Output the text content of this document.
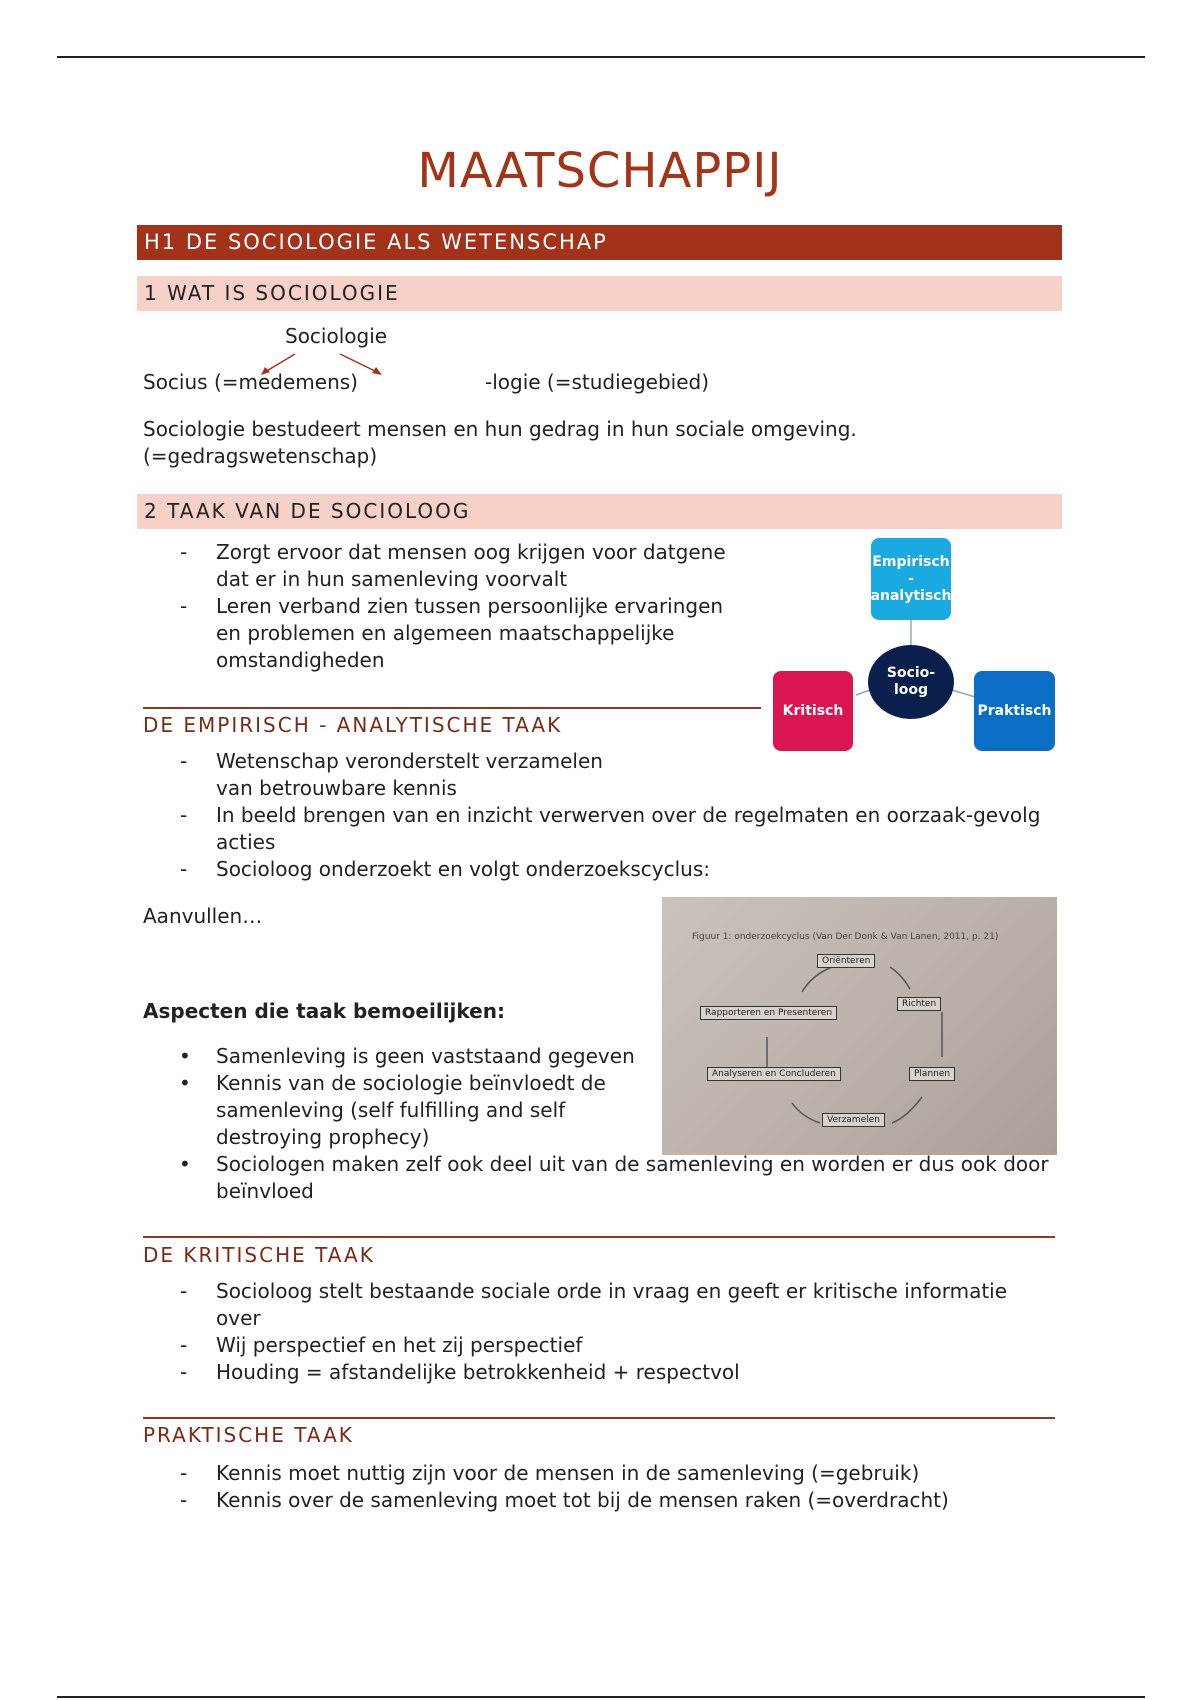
MAATSCHAPPIJ
H1 DE SOCIOLOGIE ALS WETENSCHAP
1 WAT IS SOCIOLOGIE
Sociologie
Socius (=medemens)	-logie (=studiegebied)
Sociologie bestudeert mensen en hun gedrag in hun sociale omgeving.
(=gedragswetenschap)
2 TAAK VAN DE SOCIOLOOG
- Zorgt ervoor dat mensen oog krijgen voor datgene dat er in hun samenleving voorvalt
- Leren verband zien tussen persoonlijke ervaringen en problemen en algemeen maatschappelijke omstandigheden
Empirisch - analytisch
Kritisch	Praktisch
Socio-loog
DE EMPIRISCH - ANALYTISCHE TAAK
- Wetenschap veronderstelt verzamelen van betrouwbare kennis
- In beeld brengen van en inzicht verwerven over de regelmaten en oorzaak-gevolg acties
- Socioloog onderzoekt en volgt onderzoekscyclus:
Aanvullen…
Figuur 1: onderzoekcyclus (Van Der Donk & Van Lanen, 2011, p. 21)
Oriënteren
Richten
Plannen
Verzamelen
Analyseren en Concluderen
Rapporteren en Presenteren
Aspecten die taak bemoeilijken:
• Samenleving is geen vaststaand gegeven
• Kennis van de sociologie beïnvloedt de samenleving (self fulfilling and self destroying prophecy)
• Sociologen maken zelf ook deel uit van de samenleving en worden er dus ook door beïnvloed
DE KRITISCHE TAAK
- Socioloog stelt bestaande sociale orde in vraag en geeft er kritische informatie over
- Wij perspectief en het zij perspectief
- Houding = afstandelijke betrokkenheid + respectvol
PRAKTISCHE TAAK
- Kennis moet nuttig zijn voor de mensen in de samenleving (=gebruik)
- Kennis over de samenleving moet tot bij de mensen raken (=overdracht)
